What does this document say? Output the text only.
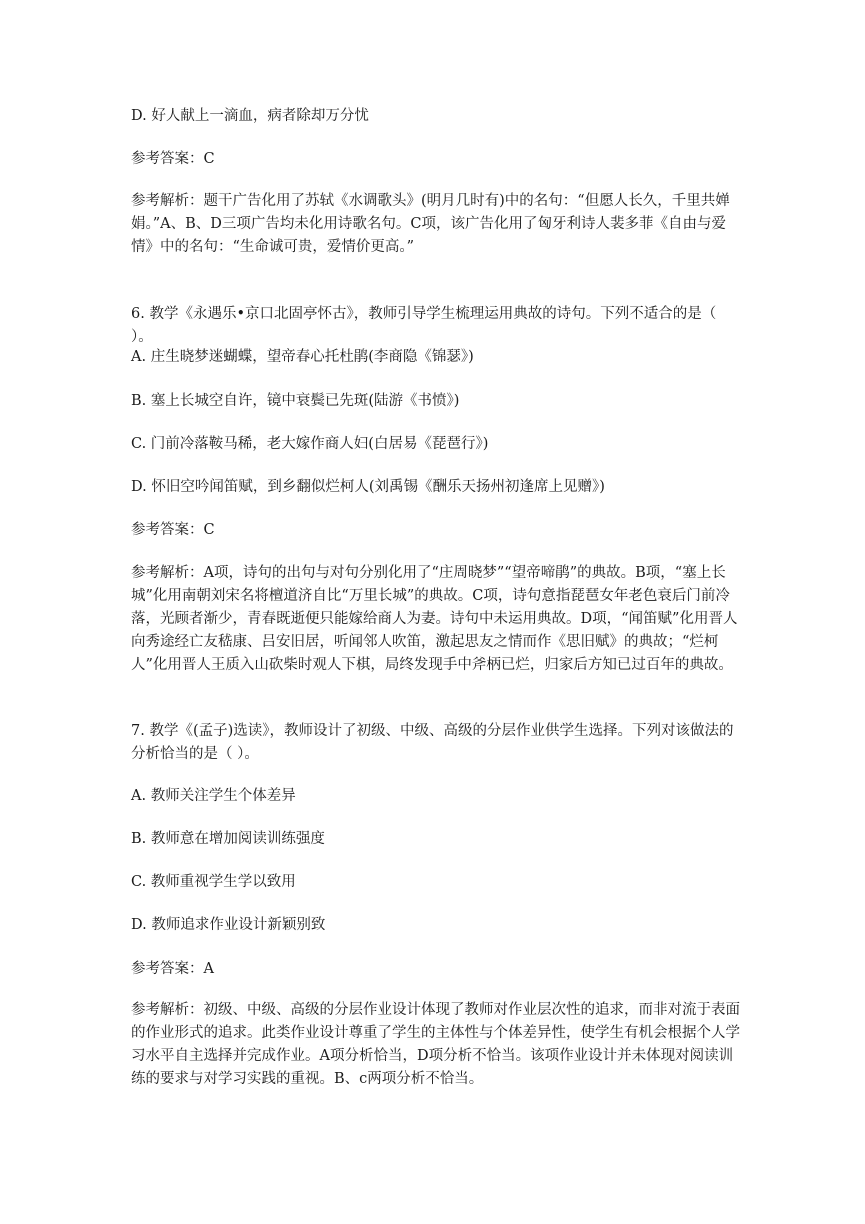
D. 好人献上一滴血，病者除却万分忧

参考答案：C

参考解析：题干广告化用了苏轼《水调歌头》(明月几时有)中的名句：“但愿人长久，千里共婵娟。”A、B、D三项广告均未化用诗歌名句。C项，该广告化用了匈牙利诗人裴多菲《自由与爱情》中的名句：“生命诚可贵，爱情价更高。”

6. 教学《永遇乐•京口北固亭怀古》，教师引导学生梳理运用典故的诗句。下列不适合的是（ ）。

A. 庄生晓梦迷蝴蝶，望帝春心托杜鹃(李商隐《锦瑟》)

B. 塞上长城空自许，镜中衰鬓已先斑(陆游《书愤》)

C. 门前冷落鞍马稀，老大嫁作商人妇(白居易《琵琶行》)

D. 怀旧空吟闻笛赋，到乡翻似烂柯人(刘禹锡《酬乐天扬州初逢席上见赠》)

参考答案：C

参考解析：A项，诗句的出句与对句分别化用了“庄周晓梦”“望帝啼鹃”的典故。B项，“塞上长城”化用南朝刘宋名将檀道济自比“万里长城”的典故。C项，诗句意指琵琶女年老色衰后门前冷落，光顾者渐少，青春既逝便只能嫁给商人为妻。诗句中未运用典故。D项，“闻笛赋”化用晋人向秀途经亡友嵇康、吕安旧居，听闻邻人吹笛，激起思友之情而作《思旧赋》的典故；“烂柯人”化用晋人王质入山砍柴时观人下棋，局终发现手中斧柄已烂，归家后方知已过百年的典故。

7. 教学《(孟子)选读》，教师设计了初级、中级、高级的分层作业供学生选择。下列对该做法的分析恰当的是（ ）。

A. 教师关注学生个体差异

B. 教师意在增加阅读训练强度

C. 教师重视学生学以致用

D. 教师追求作业设计新颖别致

参考答案：A

参考解析：初级、中级、高级的分层作业设计体现了教师对作业层次性的追求，而非对流于表面的作业形式的追求。此类作业设计尊重了学生的主体性与个体差异性，使学生有机会根据个人学习水平自主选择并完成作业。A项分析恰当，D项分析不恰当。该项作业设计并未体现对阅读训练的要求与对学习实践的重视。B、c两项分析不恰当。
